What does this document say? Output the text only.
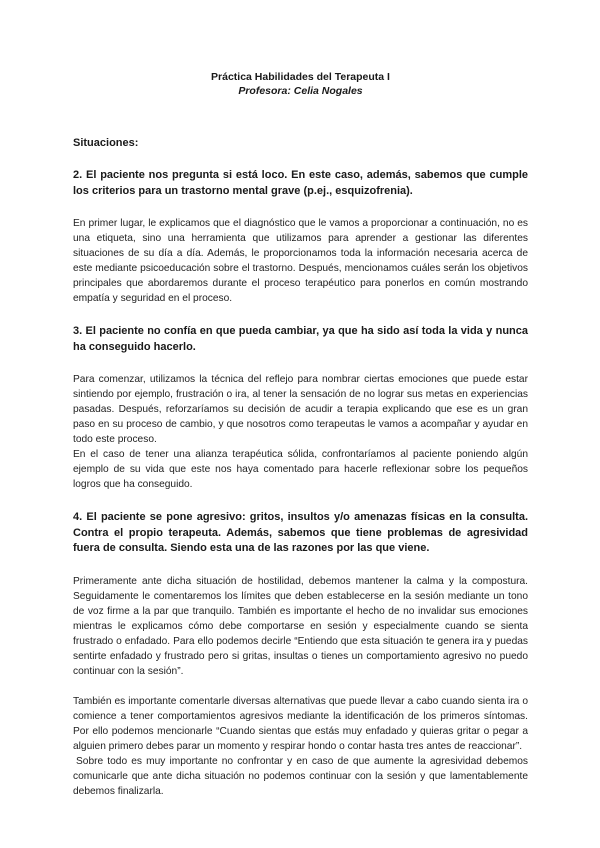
Práctica Habilidades del Terapeuta I
Profesora: Celia Nogales
Situaciones:

2. El paciente nos pregunta si está loco. En este caso, además, sabemos que cumple los criterios para un trastorno mental grave (p.ej., esquizofrenia).

En primer lugar, le explicamos que el diagnóstico que le vamos a proporcionar a continuación, no es una etiqueta, sino una herramienta que utilizamos para aprender a gestionar las diferentes situaciones de su día a día. Además, le proporcionamos toda la información necesaria acerca de este mediante psicoeducación sobre el trastorno. Después, mencionamos cuáles serán los objetivos principales que abordaremos durante el proceso terapéutico para ponerlos en común mostrando empatía y seguridad en el proceso.

3. El paciente no confía en que pueda cambiar, ya que ha sido así toda la vida y nunca ha conseguido hacerlo.

Para comenzar, utilizamos la técnica del reflejo para nombrar ciertas emociones que puede estar sintiendo por ejemplo, frustración o ira, al tener la sensación de no lograr sus metas en experiencias pasadas. Después, reforzaríamos su decisión de acudir a terapia explicando que ese es un gran paso en su proceso de cambio, y que nosotros como terapeutas le vamos a acompañar y ayudar en todo este proceso.

En el caso de tener una alianza terapéutica sólida, confrontaríamos al paciente poniendo algún ejemplo de su vida que este nos haya comentado para hacerle reflexionar sobre los pequeños logros que ha conseguido.

4. El paciente se pone agresivo: gritos, insultos y/o amenazas físicas en la consulta. Contra el propio terapeuta. Además, sabemos que tiene problemas de agresividad fuera de consulta. Siendo esta una de las razones por las que viene.

Primeramente ante dicha situación de hostilidad, debemos mantener la calma y la compostura. Seguidamente le comentaremos los límites que deben establecerse en la sesión mediante un tono de voz firme a la par que tranquilo. También es importante el hecho de no invalidar sus emociones mientras le explicamos cómo debe comportarse en sesión y especialmente cuando se sienta frustrado o enfadado. Para ello podemos decirle “Entiendo que esta situación te genera ira y puedas sentirte enfadado y frustrado pero si gritas, insultas o tienes un comportamiento agresivo no puedo continuar con la sesión”.

También es importante comentarle diversas alternativas que puede llevar a cabo cuando sienta ira o comience a tener comportamientos agresivos mediante la identificación de los primeros síntomas. Por ello podemos mencionarle “Cuando sientas que estás muy enfadado y quieras gritar o pegar a alguien primero debes parar un momento y respirar hondo o contar hasta tres antes de reaccionar”.

Sobre todo es muy importante no confrontar y en caso de que aumente la agresividad debemos comunicarle que ante dicha situación no podemos continuar con la sesión y que lamentablemente debemos finalizarla.
